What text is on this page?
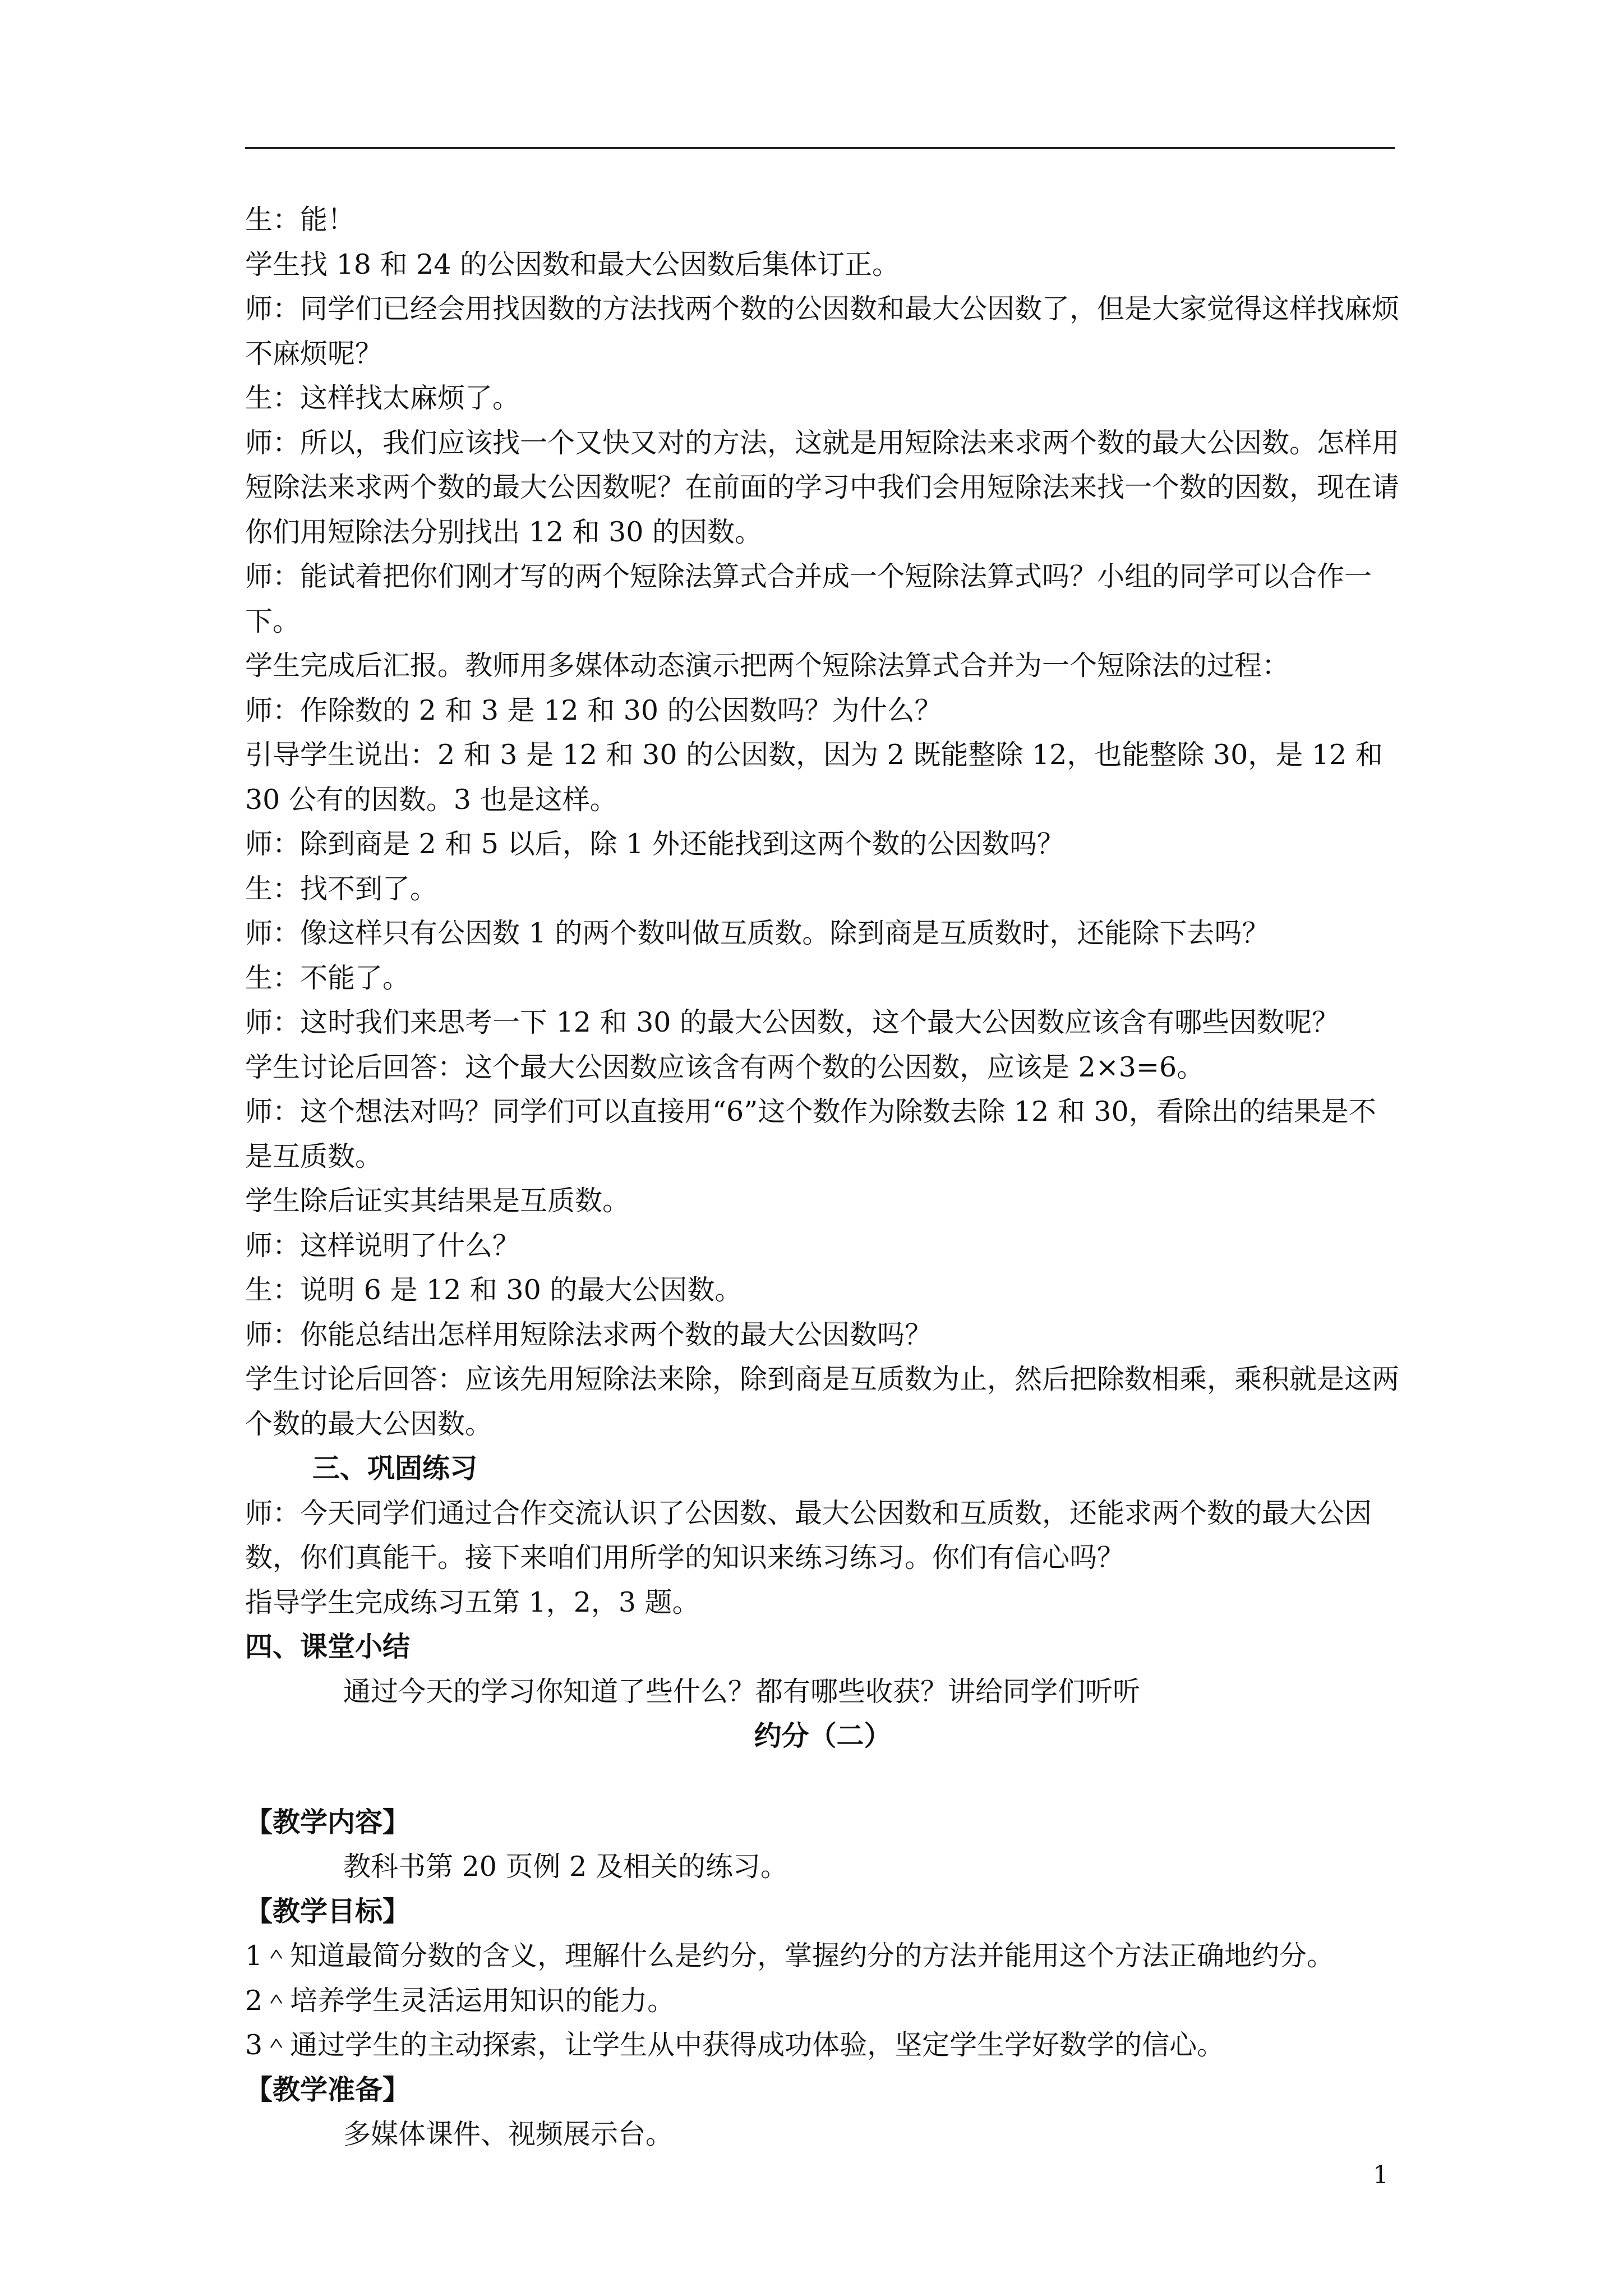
生：能！

学生找 18 和 24 的公因数和最大公因数后集体订正。

师：同学们已经会用找因数的方法找两个数的公因数和最大公因数了，但是大家觉得这样找麻烦不麻烦呢？

生：这样找太麻烦了。

师：所以，我们应该找一个又快又对的方法，这就是用短除法来求两个数的最大公因数。怎样用短除法来求两个数的最大公因数呢？在前面的学习中我们会用短除法来找一个数的因数，现在请你们用短除法分别找出 12 和 30 的因数。

师：能试着把你们刚才写的两个短除法算式合并成一个短除法算式吗？小组的同学可以合作一下。

学生完成后汇报。教师用多媒体动态演示把两个短除法算式合并为一个短除法的过程：

师：作除数的 2 和 3 是 12 和 30 的公因数吗？为什么？

引导学生说出：2 和 3 是 12 和 30 的公因数，因为 2 既能整除 12，也能整除 30，是 12 和 30 公有的因数。3 也是这样。

师：除到商是 2 和 5 以后，除 1 外还能找到这两个数的公因数吗？

生：找不到了。

师：像这样只有公因数 1 的两个数叫做互质数。除到商是互质数时，还能除下去吗？

生：不能了。

师：这时我们来思考一下 12 和 30 的最大公因数，这个最大公因数应该含有哪些因数呢？

学生讨论后回答：这个最大公因数应该含有两个数的公因数，应该是 2×3=6。

师：这个想法对吗？同学们可以直接用“6”这个数作为除数去除 12 和 30，看除出的结果是不是互质数。

学生除后证实其结果是互质数。

师：这样说明了什么？

生：说明 6 是 12 和 30 的最大公因数。

师：你能总结出怎样用短除法求两个数的最大公因数吗？

学生讨论后回答：应该先用短除法来除，除到商是互质数为止，然后把除数相乘，乘积就是这两个数的最大公因数。

三、巩固练习

师：今天同学们通过合作交流认识了公因数、最大公因数和互质数，还能求两个数的最大公因数，你们真能干。接下来咱们用所学的知识来练习练习。你们有信心吗？

指导学生完成练习五第 1，2，3 题。

四、课堂小结

通过今天的学习你知道了些什么？都有哪些收获？讲给同学们听听

约分（二）

【教学内容】

教科书第 20 页例 2 及相关的练习。

【教学目标】

1＾知道最简分数的含义，理解什么是约分，掌握约分的方法并能用这个方法正确地约分。

2＾培养学生灵活运用知识的能力。

3＾通过学生的主动探索，让学生从中获得成功体验，坚定学生学好数学的信心。

【教学准备】

多媒体课件、视频展示台。

1
